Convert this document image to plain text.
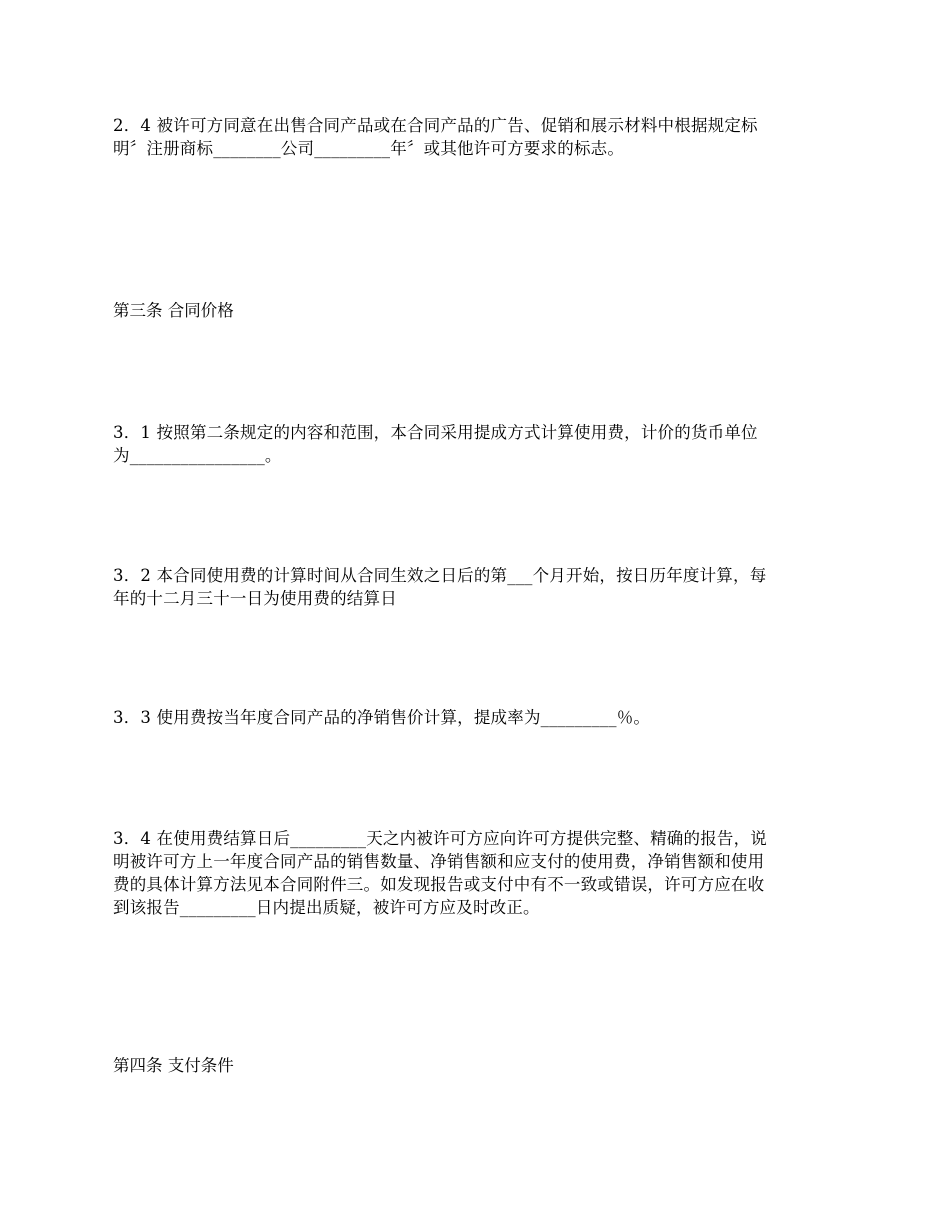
2．4 被许可方同意在出售合同产品或在合同产品的广告、促销和展示材料中根据规定标
明〞注册商标________公司_________年〞或其他许可方要求的标志。
第三条 合同价格
3．1 按照第二条规定的内容和范围，本合同采用提成方式计算使用费，计价的货币单位
为________________。
3．2 本合同使用费的计算时间从合同生效之日后的第___个月开始，按日历年度计算，每
年的十二月三十一日为使用费的结算日
3．3 使用费按当年度合同产品的净销售价计算，提成率为_________％。
3．4 在使用费结算日后_________天之内被许可方应向许可方提供完整、精确的报告，说
明被许可方上一年度合同产品的销售数量、净销售额和应支付的使用费，净销售额和使用
费的具体计算方法见本合同附件三。如发现报告或支付中有不一致或错误，许可方应在收
到该报告_________日内提出质疑，被许可方应及时改正。
第四条 支付条件
